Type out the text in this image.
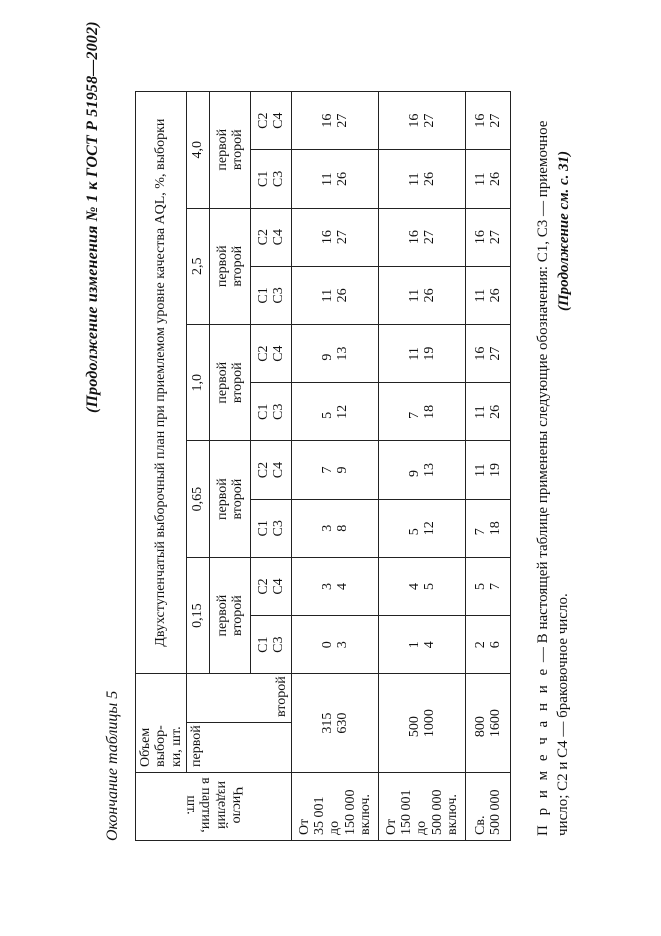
Окончание таблицы 5
(Продолжение изменения № 1 к ГОСТ Р 51958—2002)
Число изделий
в партии, шт.	Объем выбор- ки, шт.		Двухступенчатый выборочный план при приемлемом уровне качества AQL, %, выборки									
	первой	второй	0,15		0,65		1,0		2,5		4,0	

			первой второй		первой второй		первой второй		первой второй		первой второй	

			С1 С3	С2 С4	С1 С3	С2 С4	С1 С3	С2 С4	С1 С3	С2 С4	С1 С3	С2 С4

От 35 001 до 150 000 включ.	315 630		0 3	3 4	3 8	7 9	5 12	9 13	11 26	16 27	11 26	16 27

От 150 001 до 500 000 включ.	500 1000		1 4	4 5	5 12	9 13	7 18	11 19	11 26	16 27	11 26	16 27

Св. 500 000	800 1600		2 6	5 7	7 18	11 19	11 26	16 27	11 26	16 27	11 26	16 27
П р и м е ч а н и е — В настоящей таблице применены следующие обозначения: С1, С3 — приемочное число; С2 и С4 — браковочное число.
(Продолжение см. с. 31)
